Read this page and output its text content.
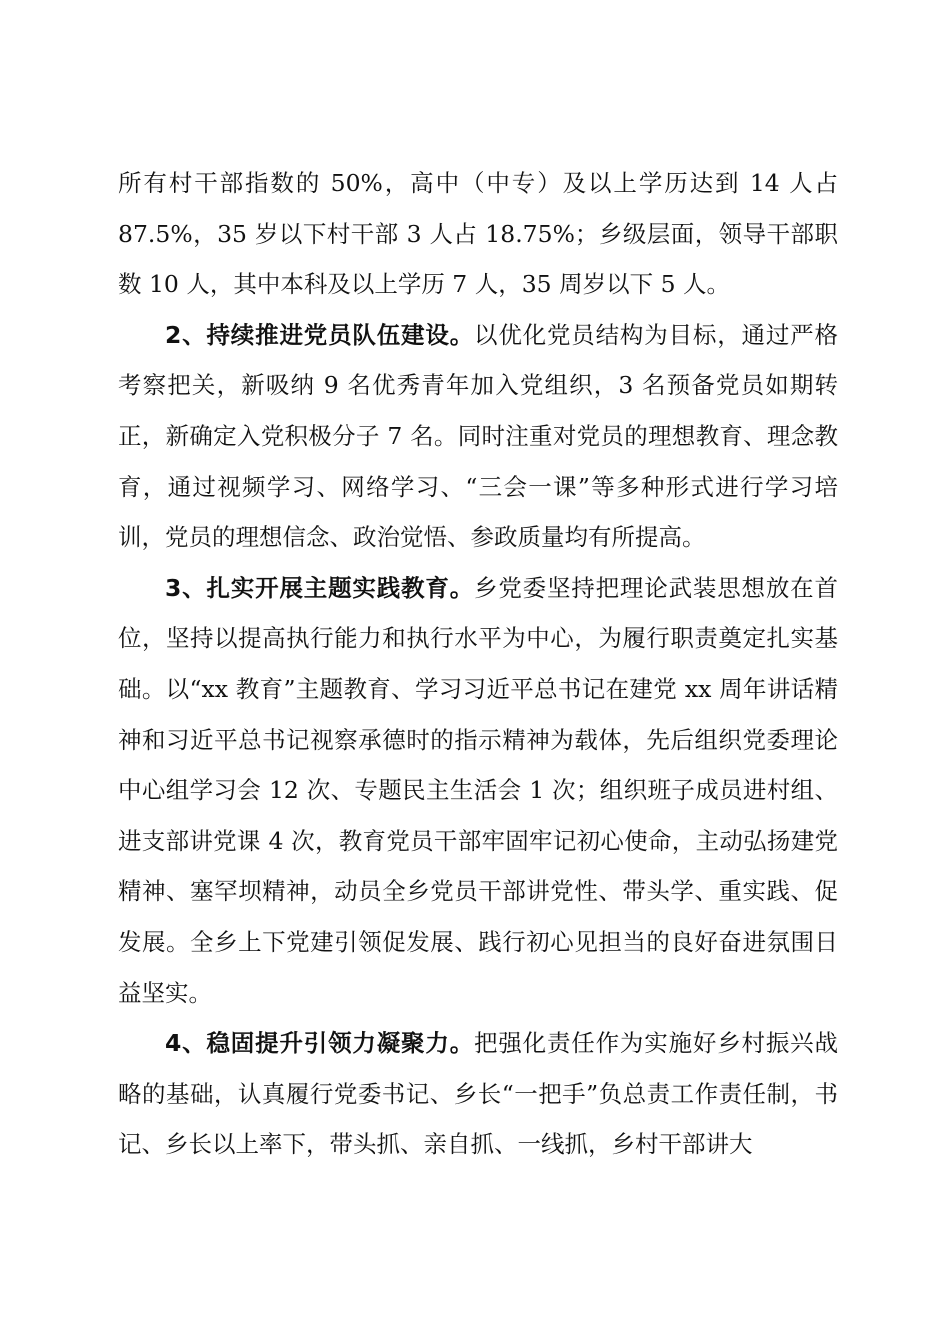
所有村干部指数的 50%，高中（中专）及以上学历达到 14 人占 87.5%，35 岁以下村干部 3 人占 18.75%；乡级层面，领导干部职数 10 人，其中本科及以上学历 7 人，35 周岁以下 5 人。

2、持续推进党员队伍建设。以优化党员结构为目标，通过严格考察把关，新吸纳 9 名优秀青年加入党组织，3 名预备党员如期转正，新确定入党积极分子 7 名。同时注重对党员的理想教育、理念教育，通过视频学习、网络学习、“三会一课”等多种形式进行学习培训，党员的理想信念、政治觉悟、参政质量均有所提高。

3、扎实开展主题实践教育。乡党委坚持把理论武装思想放在首位，坚持以提高执行能力和执行水平为中心，为履行职责奠定扎实基础。以“xx 教育”主题教育、学习习近平总书记在建党 xx 周年讲话精神和习近平总书记视察承德时的指示精神为载体，先后组织党委理论中心组学习会 12 次、专题民主生活会 1 次；组织班子成员进村组、进支部讲党课 4 次，教育党员干部牢固牢记初心使命，主动弘扬建党精神、塞罕坝精神，动员全乡党员干部讲党性、带头学、重实践、促发展。全乡上下党建引领促发展、践行初心见担当的良好奋进氛围日益坚实。

4、稳固提升引领力凝聚力。把强化责任作为实施好乡村振兴战略的基础，认真履行党委书记、乡长“一把手”负总责工作责任制，书记、乡长以上率下，带头抓、亲自抓、一线抓，乡村干部讲大
